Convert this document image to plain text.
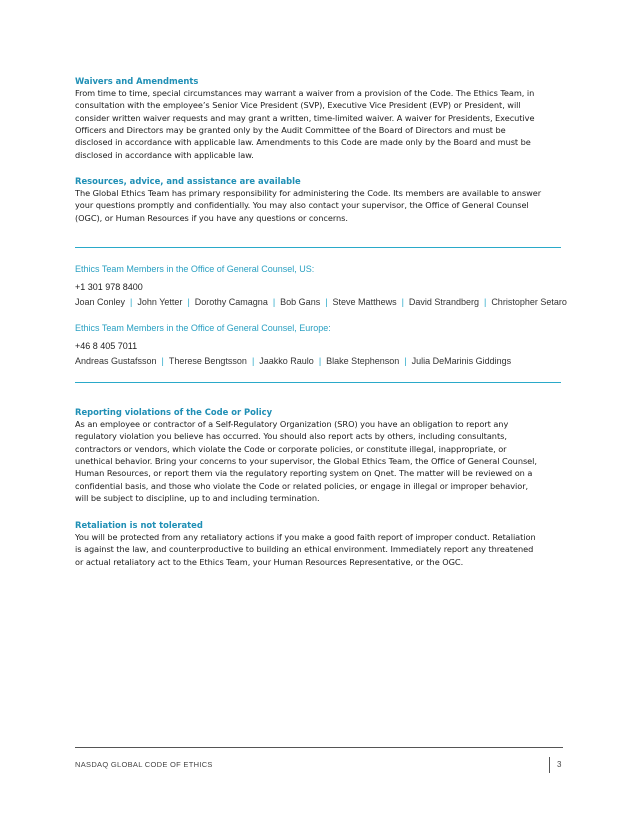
Waivers and Amendments

From time to time, special circumstances may warrant a waiver from a provision of the Code. The Ethics Team, in
consultation with the employee’s Senior Vice President (SVP), Executive Vice President (EVP) or President, will
consider written waiver requests and may grant a written, time-limited waiver. A waiver for Presidents, Executive
Officers and Directors may be granted only by the Audit Committee of the Board of Directors and must be
disclosed in accordance with applicable law. Amendments to this Code are made only by the Board and must be
disclosed in accordance with applicable law.

Resources, advice, and assistance are available

The Global Ethics Team has primary responsibility for administering the Code. Its members are available to answer
your questions promptly and confidentially. You may also contact your supervisor, the Office of General Counsel
(OGC), or Human Resources if you have any questions or concerns.

Ethics Team Members in the Office of General Counsel, US:
+1 301 978 8400
Joan Conley | John Yetter | Dorothy Camagna | Bob Gans | Steve Matthews | David Strandberg | Christopher Setaro
Ethics Team Members in the Office of General Counsel, Europe:
+46 8 405 7011
Andreas Gustafsson | Therese Bengtsson | Jaakko Raulo | Blake Stephenson | Julia DeMarinis Giddings

Reporting violations of the Code or Policy

As an employee or contractor of a Self-Regulatory Organization (SRO) you have an obligation to report any
regulatory violation you believe has occurred. You should also report acts by others, including consultants,
contractors or vendors, which violate the Code or corporate policies, or constitute illegal, inappropriate, or
unethical behavior. Bring your concerns to your supervisor, the Global Ethics Team, the Office of General Counsel,
Human Resources, or report them via the regulatory reporting system on Qnet. The matter will be reviewed on a
confidential basis, and those who violate the Code or related policies, or engage in illegal or improper behavior,
will be subject to discipline, up to and including termination.

Retaliation is not tolerated

You will be protected from any retaliatory actions if you make a good faith report of improper conduct. Retaliation
is against the law, and counterproductive to building an ethical environment. Immediately report any threatened
or actual retaliatory act to the Ethics Team, your Human Resources Representative, or the OGC.

NASDAQ GLOBAL CODE OF ETHICS	3
